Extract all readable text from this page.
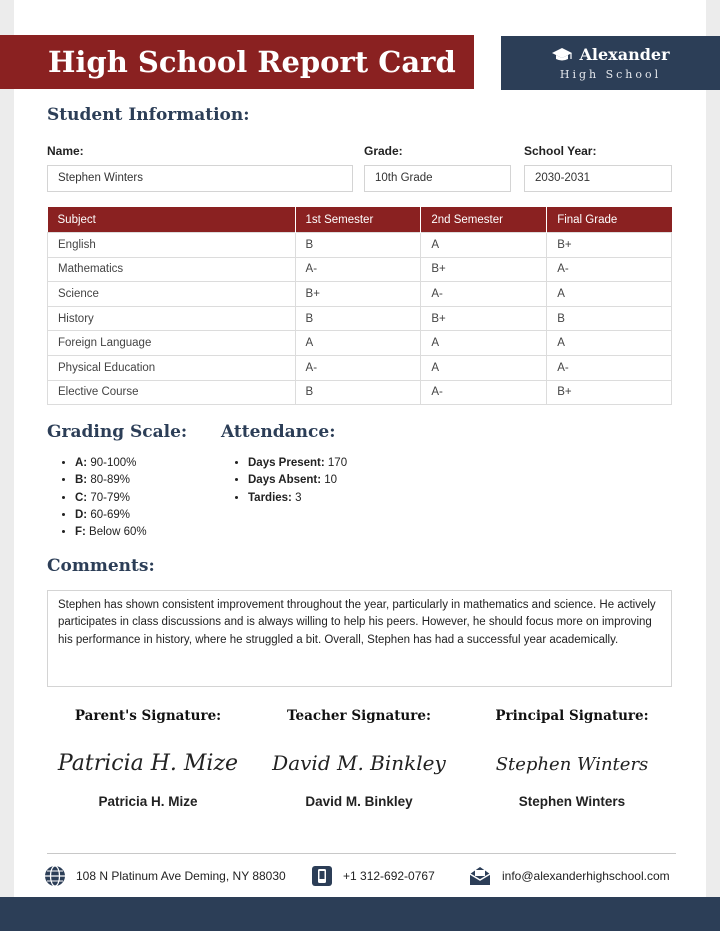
High School Report Card	Alexander
High School
Student Information:
Name:
Stephen Winters
Grade:
10th Grade
School Year:
2030-2031
Subject	1st Semester	2nd Semester	Final Grade
English	B	A	B+
Mathematics	A-	B+	A-
Science	B+	A-	A
History	B	B+	B
Foreign Language	A	A	A
Physical Education	A-	A	A-
Elective Course	B	A-	B+
Grading Scale:
• A: 90-100%
• B: 80-89%
• C: 70-79%
• D: 60-69%
• F: Below 60%
Attendance:
• Days Present: 170
• Days Absent: 10
• Tardies: 3
Comments:
Stephen has shown consistent improvement throughout the year, particularly in mathematics and science. He actively participates in class discussions and is always willing to help his peers. However, he should focus more on improving his performance in history, where he struggled a bit. Overall, Stephen has had a successful year academically.
Parent's Signature:
Patricia H. Mize
Patricia H. Mize
Teacher Signature:
David M. Binkley
David M. Binkley
Principal Signature:
Stephen Winters
Stephen Winters
108 N Platinum Ave Deming, NY 88030	+1 312-692-0767	info@alexanderhighschool.com
